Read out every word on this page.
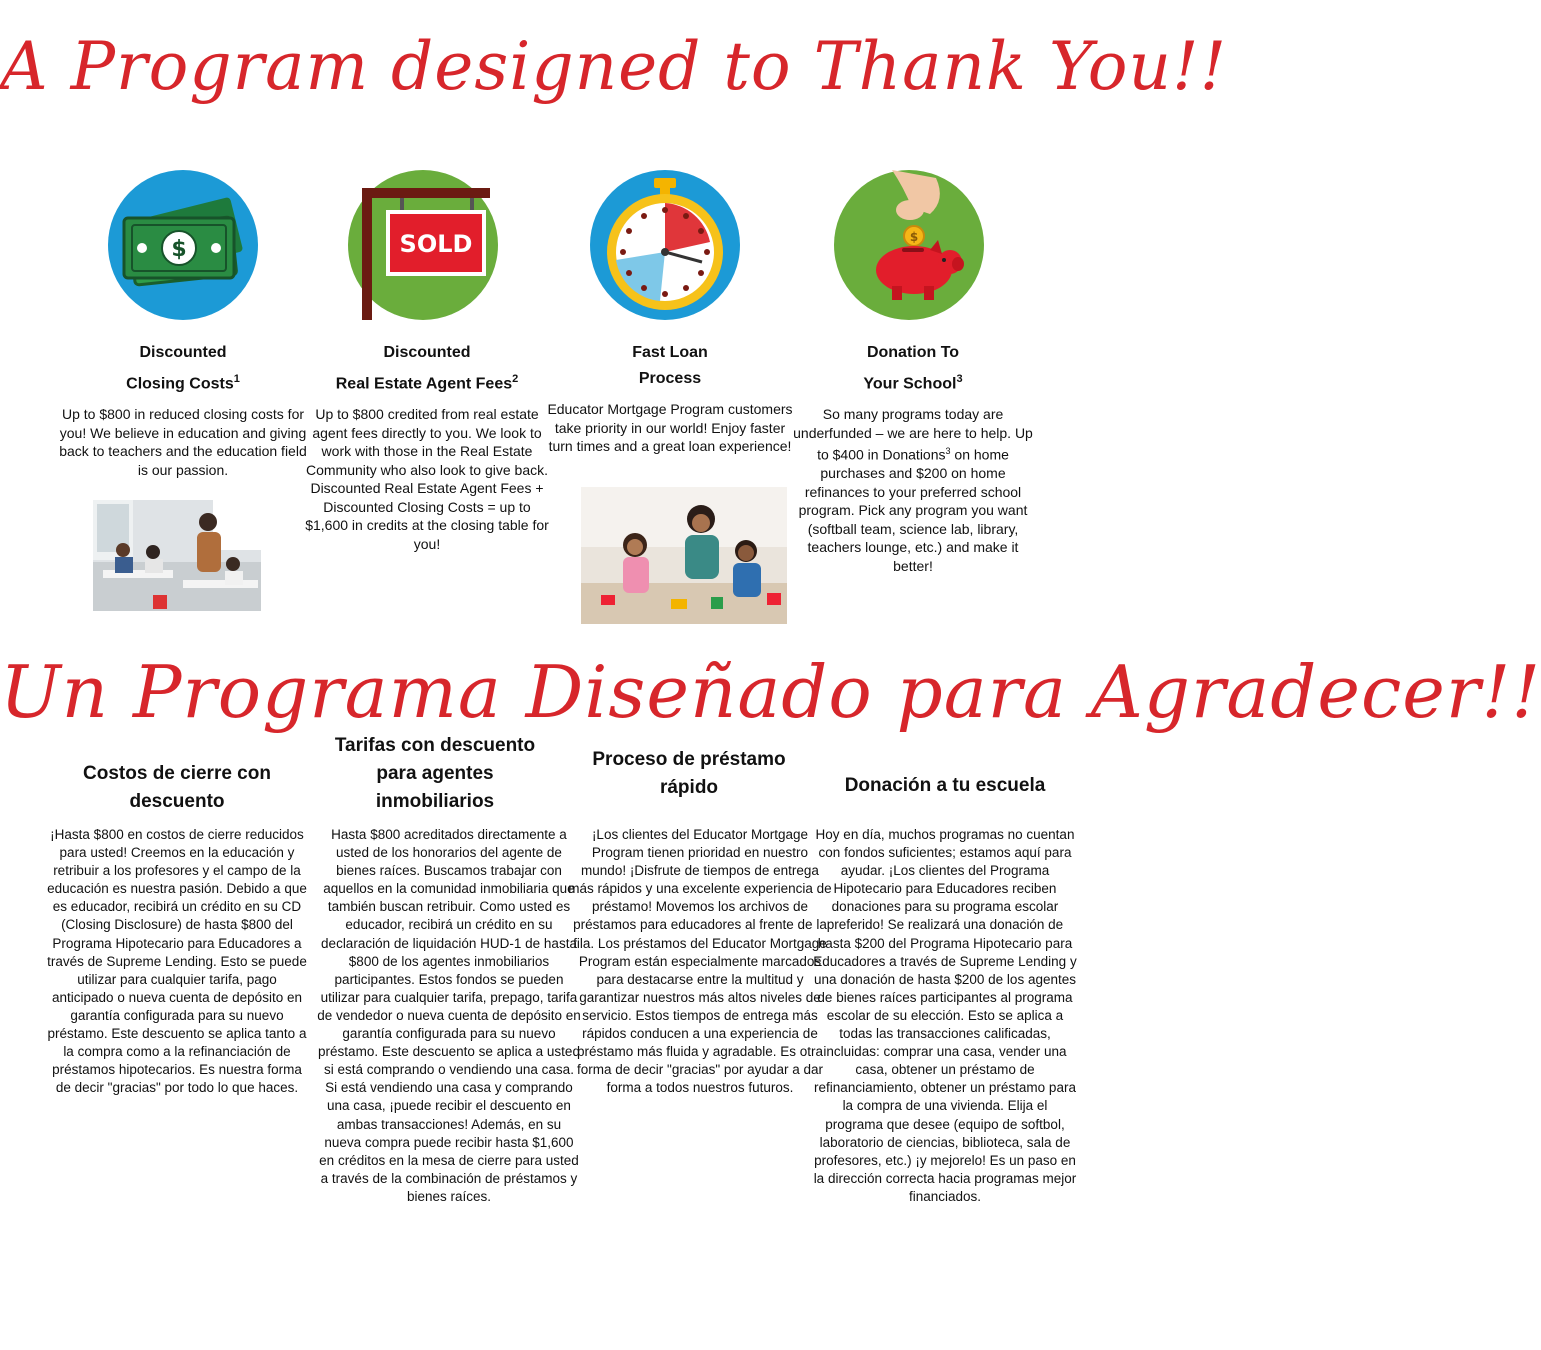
A Program designed to Thank You!!
$	SOLD	$
Discounted
Closing Costs$^1$
Up to $800 in reduced closing costs for you! We believe in education and giving back to teachers and the education field is our passion.
Discounted
Real Estate Agent Fees$^2$
Up to $800 credited from real estate agent fees directly to you. We look to work with those in the Real Estate Community who also look to give back. Discounted Real Estate Agent Fees + Discounted Closing Costs = up to $1,600 in credits at the closing table for you!
Fast Loan
Process
Educator Mortgage Program customers take priority in our world! Enjoy faster turn times and a great loan experience!
Donation To
Your School$^3$
So many programs today are underfunded – we are here to help. Up to $400 in Donations$^3$ on home purchases and $200 on home refinances to your preferred school program. Pick any program you want (softball team, science lab, library, teachers lounge, etc.) and make it better!
Un Programa Diseñado para Agradecer!!
Costos de cierre con descuento
Tarifas con descuento para agentes inmobiliarios
Proceso de préstamo rápido	Donación a tu escuela
¡Hasta $800 en costos de cierre reducidos para usted! Creemos en la educación y retribuir a los profesores y el campo de la educación es nuestra pasión. Debido a que es educador, recibirá un crédito en su CD (Closing Disclosure) de hasta $800 del Programa Hipotecario para Educadores a través de Supreme Lending. Esto se puede utilizar para cualquier tarifa, pago anticipado o nueva cuenta de depósito en garantía configurada para su nuevo préstamo. Este descuento se aplica tanto a la compra como a la refinanciación de préstamos hipotecarios. Es nuestra forma de decir "gracias" por todo lo que haces.
Hasta $800 acreditados directamente a usted de los honorarios del agente de bienes raíces. Buscamos trabajar con aquellos en la comunidad inmobiliaria que también buscan retribuir. Como usted es educador, recibirá un crédito en su declaración de liquidación HUD-1 de hasta $800 de los agentes inmobiliarios participantes. Estos fondos se pueden utilizar para cualquier tarifa, prepago, tarifa de vendedor o nueva cuenta de depósito en garantía configurada para su nuevo préstamo. Este descuento se aplica a usted si está comprando o vendiendo una casa. Si está vendiendo una casa y comprando una casa, ¡puede recibir el descuento en ambas transacciones! Además, en su nueva compra puede recibir hasta $1,600 en créditos en la mesa de cierre para usted a través de la combinación de préstamos y bienes raíces.
¡Los clientes del Educator Mortgage Program tienen prioridad en nuestro mundo! ¡Disfrute de tiempos de entrega más rápidos y una excelente experiencia de préstamo! Movemos los archivos de préstamos para educadores al frente de la fila. Los préstamos del Educator Mortgage Program están especialmente marcados para destacarse entre la multitud y garantizar nuestros más altos niveles de servicio. Estos tiempos de entrega más rápidos conducen a una experiencia de préstamo más fluida y agradable. Es otra forma de decir "gracias" por ayudar a dar forma a todos nuestros futuros.
Hoy en día, muchos programas no cuentan con fondos suficientes; estamos aquí para ayudar. ¡Los clientes del Programa Hipotecario para Educadores reciben donaciones para su programa escolar preferido! Se realizará una donación de hasta $200 del Programa Hipotecario para Educadores a través de Supreme Lending y una donación de hasta $200 de los agentes de bienes raíces participantes al programa escolar de su elección. Esto se aplica a todas las transacciones calificadas, incluidas: comprar una casa, vender una casa, obtener un préstamo de refinanciamiento, obtener un préstamo para la compra de una vivienda. Elija el programa que desee (equipo de softbol, laboratorio de ciencias, biblioteca, sala de profesores, etc.) ¡y mejorelo! Es un paso en la dirección correcta hacia programas mejor financiados.
